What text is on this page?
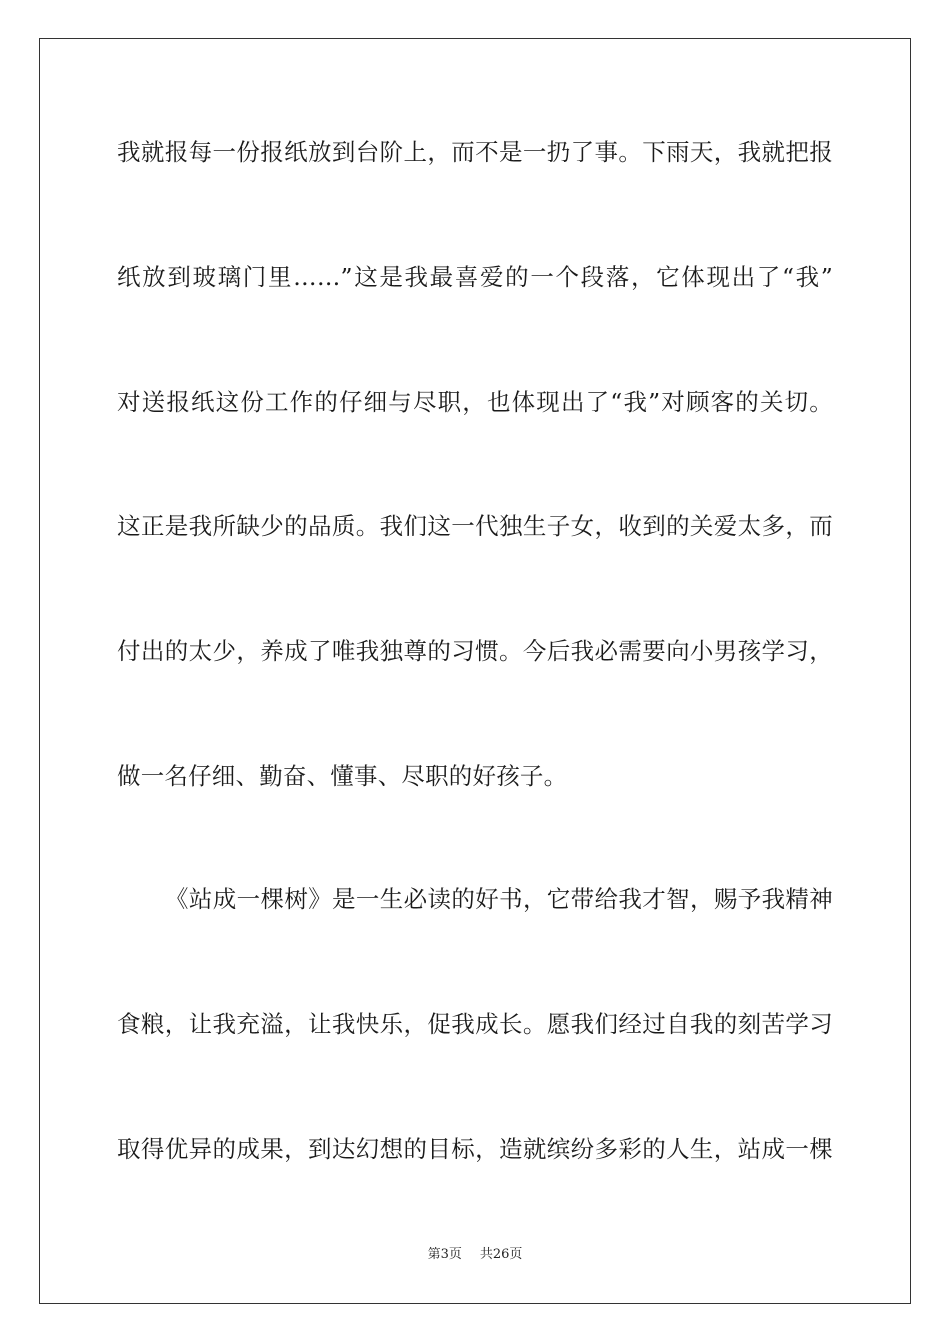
我就报每一份报纸放到台阶上，而不是一扔了事。下雨天，我就把报
纸放到玻璃门里……”这是我最喜爱的一个段落，它体现出了“我”
对送报纸这份工作的仔细与尽职，也体现出了“我”对顾客的关切。
这正是我所缺少的品质。我们这一代独生子女，收到的关爱太多，而
付出的太少，养成了唯我独尊的习惯。今后我必需要向小男孩学习，
做一名仔细、勤奋、懂事、尽职的好孩子。
《站成一棵树》是一生必读的好书，它带给我才智，赐予我精神
食粮，让我充溢，让我快乐，促我成长。愿我们经过自我的刻苦学习
取得优异的成果，到达幻想的目标，造就缤纷多彩的人生，站成一棵
第3页 共26页
